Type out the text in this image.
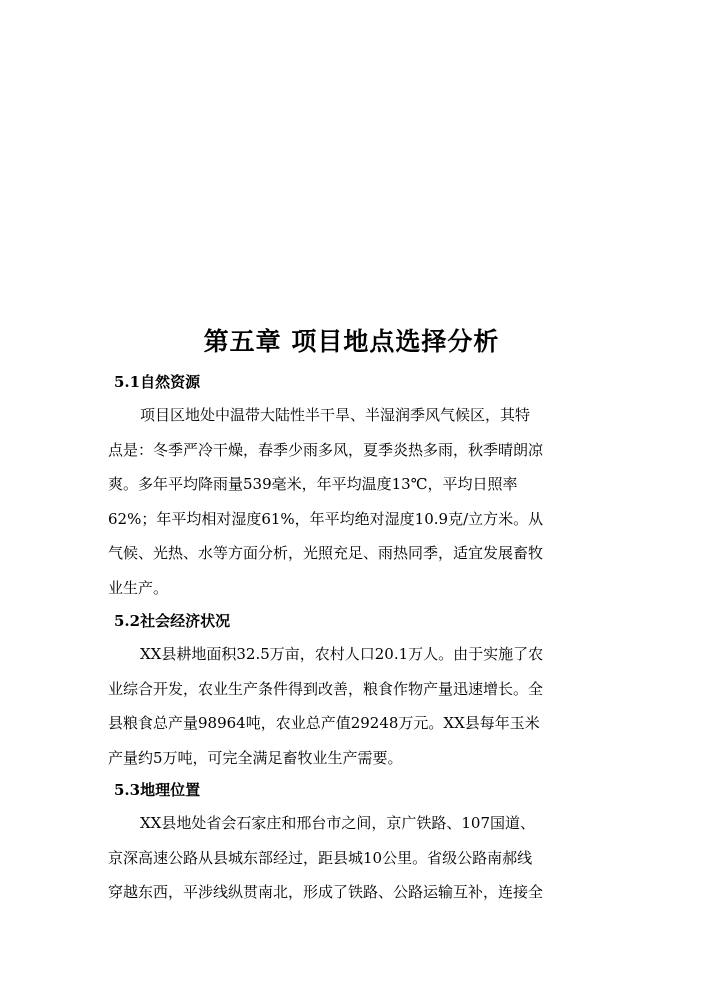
第五章 项目地点选择分析
5.1自然资源
项目区地处中温带大陆性半干旱、半湿润季风气候区，其特
点是：冬季严冷干燥，春季少雨多风，夏季炎热多雨，秋季晴朗凉
爽。多年平均降雨量539毫米，年平均温度13℃，平均日照率
62%；年平均相对湿度61%，年平均绝对湿度10.9克/立方米。从
气候、光热、水等方面分析，光照充足、雨热同季，适宜发展畜牧
业生产。
5.2社会经济状况
XX县耕地面积32.5万亩，农村人口20.1万人。由于实施了农
业综合开发，农业生产条件得到改善，粮食作物产量迅速增长。全
县粮食总产量98964吨，农业总产值29248万元。XX县每年玉米
产量约5万吨，可完全满足畜牧业生产需要。
5.3地理位置
XX县地处省会石家庄和邢台市之间，京广铁路、107国道、
京深高速公路从县城东部经过，距县城10公里。省级公路南郝线
穿越东西，平涉线纵贯南北，形成了铁路、公路运输互补，连接全
